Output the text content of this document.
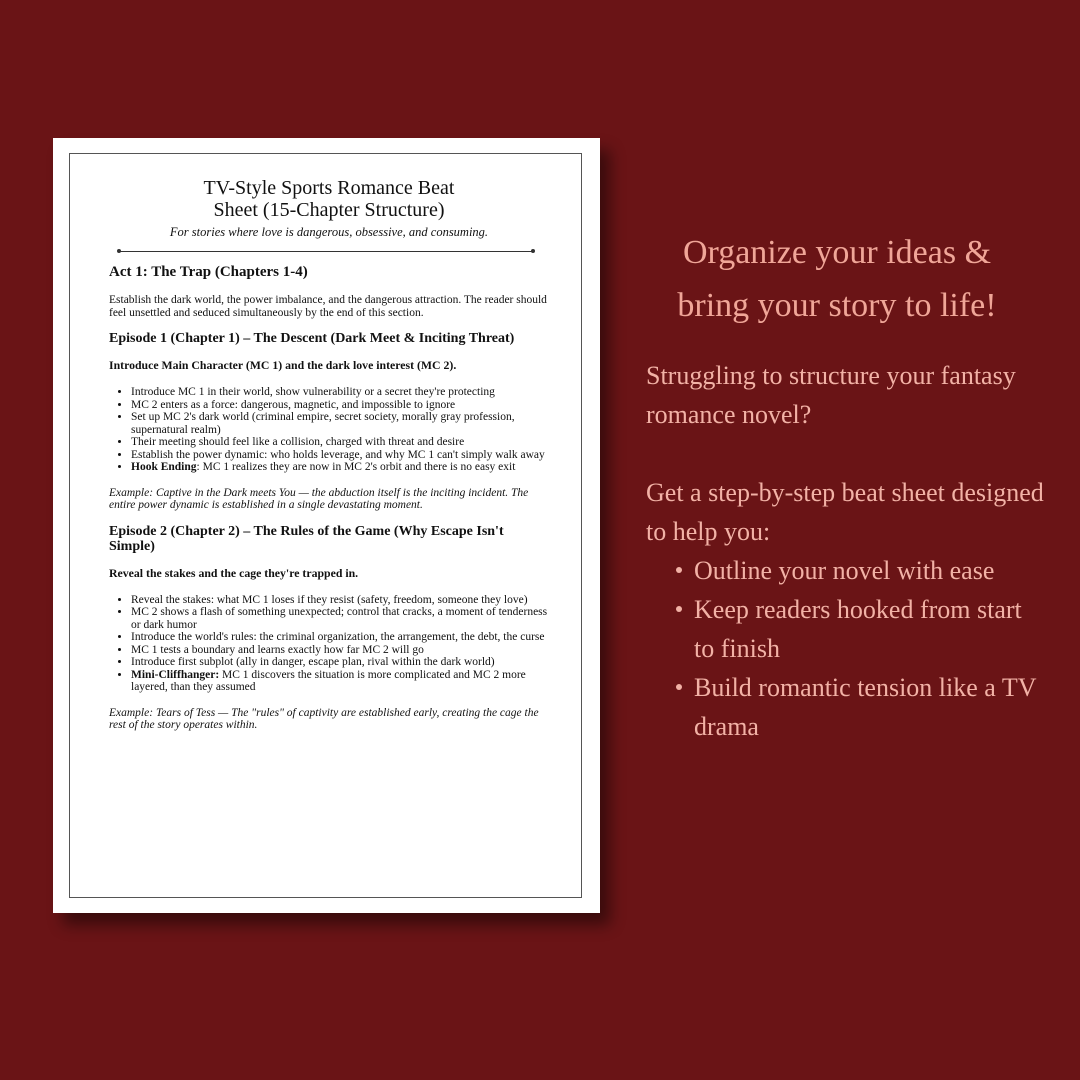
TV-Style Sports Romance Beat
Sheet (15-Chapter Structure)
For stories where love is dangerous, obsessive, and consuming.
Act 1: The Trap (Chapters 1-4)
Establish the dark world, the power imbalance, and the dangerous attraction. The reader should feel unsettled and seduced simultaneously by the end of this section.
Episode 1 (Chapter 1) – The Descent (Dark Meet & Inciting Threat)
Introduce Main Character (MC 1) and the dark love interest (MC 2).
• Introduce MC 1 in their world, show vulnerability or a secret they're protecting
• MC 2 enters as a force: dangerous, magnetic, and impossible to ignore
• Set up MC 2's dark world (criminal empire, secret society, morally gray profession, supernatural realm)
• Their meeting should feel like a collision, charged with threat and desire
• Establish the power dynamic: who holds leverage, and why MC 1 can't simply walk away
• Hook Ending: MC 1 realizes they are now in MC 2's orbit and there is no easy exit
Example: Captive in the Dark meets You — the abduction itself is the inciting incident. The entire power dynamic is established in a single devastating moment.
Episode 2 (Chapter 2) – The Rules of the Game (Why Escape Isn't Simple)
Reveal the stakes and the cage they're trapped in.
• Reveal the stakes: what MC 1 loses if they resist (safety, freedom, someone they love)
• MC 2 shows a flash of something unexpected; control that cracks, a moment of tenderness or dark humor
• Introduce the world's rules: the criminal organization, the arrangement, the debt, the curse
• MC 1 tests a boundary and learns exactly how far MC 2 will go
• Introduce first subplot (ally in danger, escape plan, rival within the dark world)
• Mini-Cliffhanger: MC 1 discovers the situation is more complicated and MC 2 more layered, than they assumed
Example: Tears of Tess — The "rules" of captivity are established early, creating the cage the rest of the story operates within.
Organize your ideas & bring your story to life!
Struggling to structure your fantasy romance novel?
Get a step-by-step beat sheet designed to help you:
Outline your novel with ease
Keep readers hooked from start to finish
Build romantic tension like a TV drama
